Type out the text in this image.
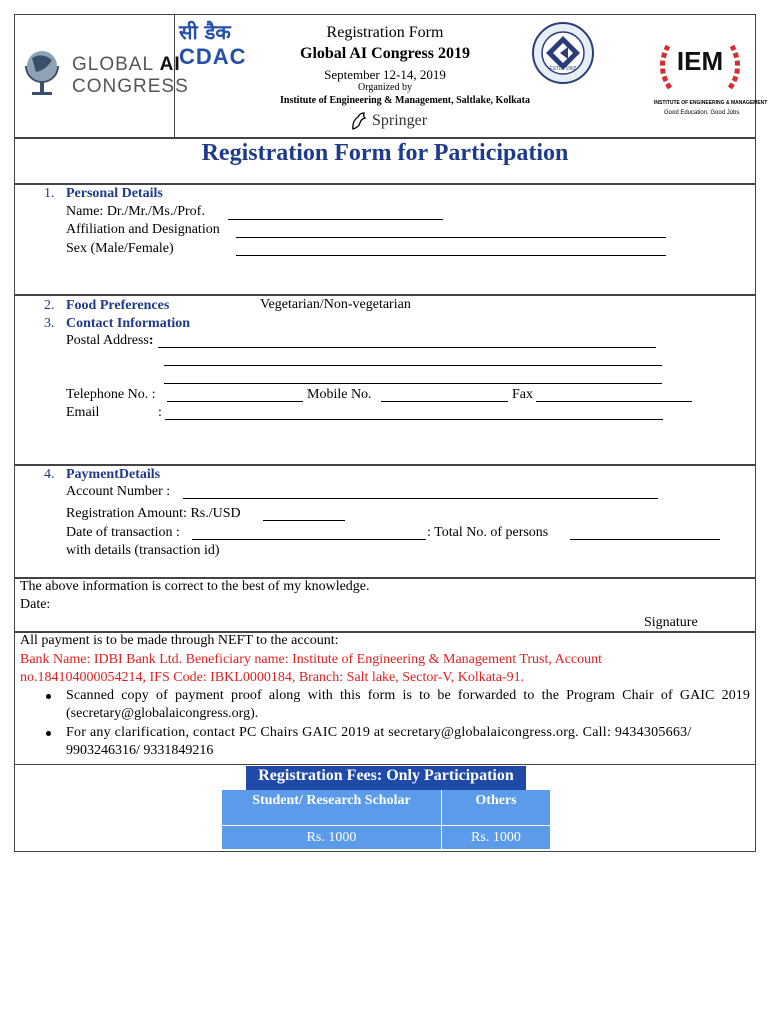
GLOBAL AI
CONGRESS
सी डैक
CDAC
Registration Form
Global AI Congress 2019
September 12-14, 2019
Organized by
Institute of Engineering & Management, Saltlake, Kolkata
Springer
ESTD. 1965	IEM
INSTITUTE OF ENGINEERING & MANAGEMENT
Good Education. Good Jobs
Registration Form for Participation
1. Personal Details
Name: Dr./Mr./Ms./Prof.
Affiliation and Designation
Sex (Male/Female)
2. Food Preferences	Vegetarian/Non-vegetarian
3. Contact Information
Postal Address:
Telephone No. :	Mobile No.	Fax
Email	:
4. PaymentDetails
Account Number :
Registration Amount: Rs./USD
Date of transaction :	: Total No. of persons
with details (transaction id)
The above information is correct to the best of my knowledge.
Date:
Signature
All payment is to be made through NEFT to the account:
Bank Name: IDBI Bank Ltd. Beneficiary name: Institute of Engineering & Management Trust, Account
no.184104000054214, IFS Code: IBKL0000184, Branch: Salt lake, Sector-V, Kolkata-91.
Scanned copy of payment proof along with this form is to be forwarded to the Program Chair of GAIC 2019
(secretary@globalaicongress.org).
For any clarification, contact PC Chairs GAIC 2019 at secretary@globalaicongress.org. Call: 9434305663/
9903246316/ 9331849216
Registration Fees: Only Participation
Student/ Research Scholar	Others
Rs. 1000	Rs. 1000
